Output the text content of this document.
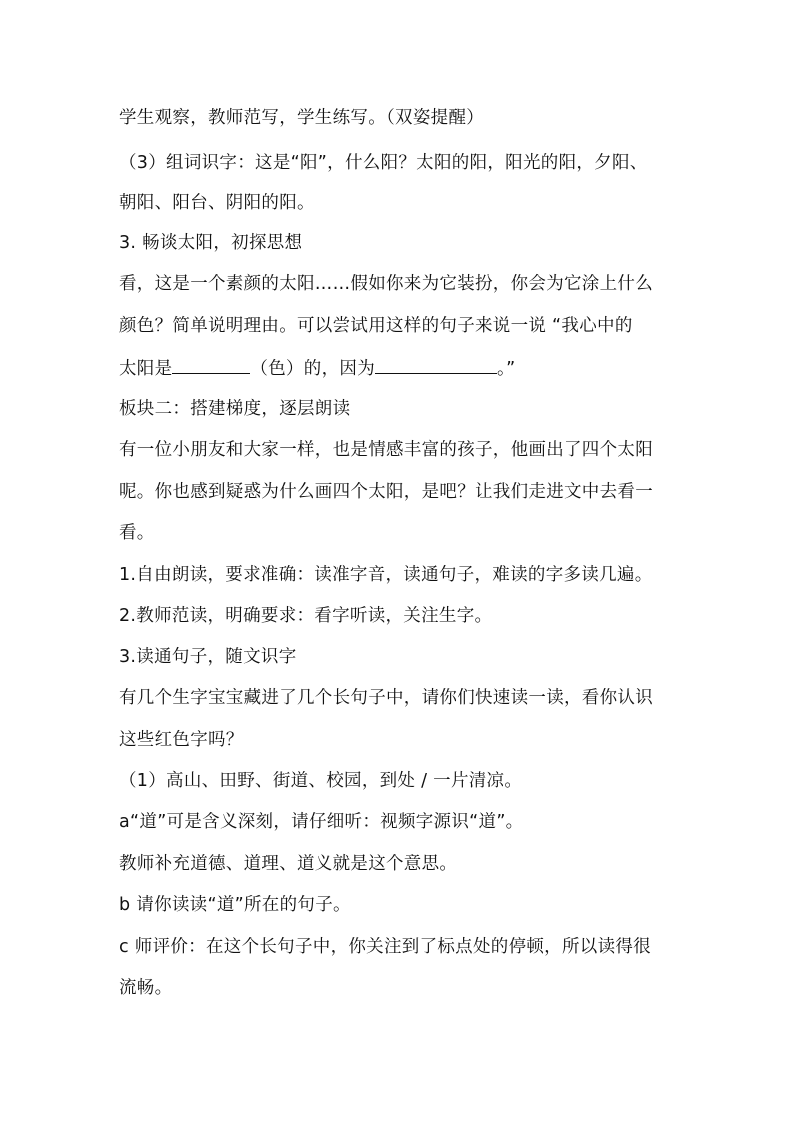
学生观察，教师范写，学生练写。（双姿提醒）

（3）组词识字：这是“阳”，什么阳？太阳的阳，阳光的阳，夕阳、

朝阳、阳台、阴阳的阳。

3. 畅谈太阳，初探思想

看，这是一个素颜的太阳……假如你来为它装扮，你会为它涂上什么

颜色？简单说明理由。可以尝试用这样的句子来说一说 “我心中的

太阳是	（色）的，因为	。”

板块二：搭建梯度，逐层朗读

有一位小朋友和大家一样，也是情感丰富的孩子，他画出了四个太阳

呢。你也感到疑惑为什么画四个太阳，是吧？让我们走进文中去看一

看。

1.自由朗读，要求准确：读准字音，读通句子，难读的字多读几遍。

2.教师范读，明确要求：看字听读，关注生字。

3.读通句子，随文识字

有几个生字宝宝藏进了几个长句子中，请你们快速读一读，看你认识

这些红色字吗？

（1）高山、田野、街道、校园，到处 / 一片清凉。

a“道”可是含义深刻，请仔细听：视频字源识“道”。

教师补充道德、道理、道义就是这个意思。

b 请你读读“道”所在的句子。

c 师评价：在这个长句子中，你关注到了标点处的停顿，所以读得很

流畅。
